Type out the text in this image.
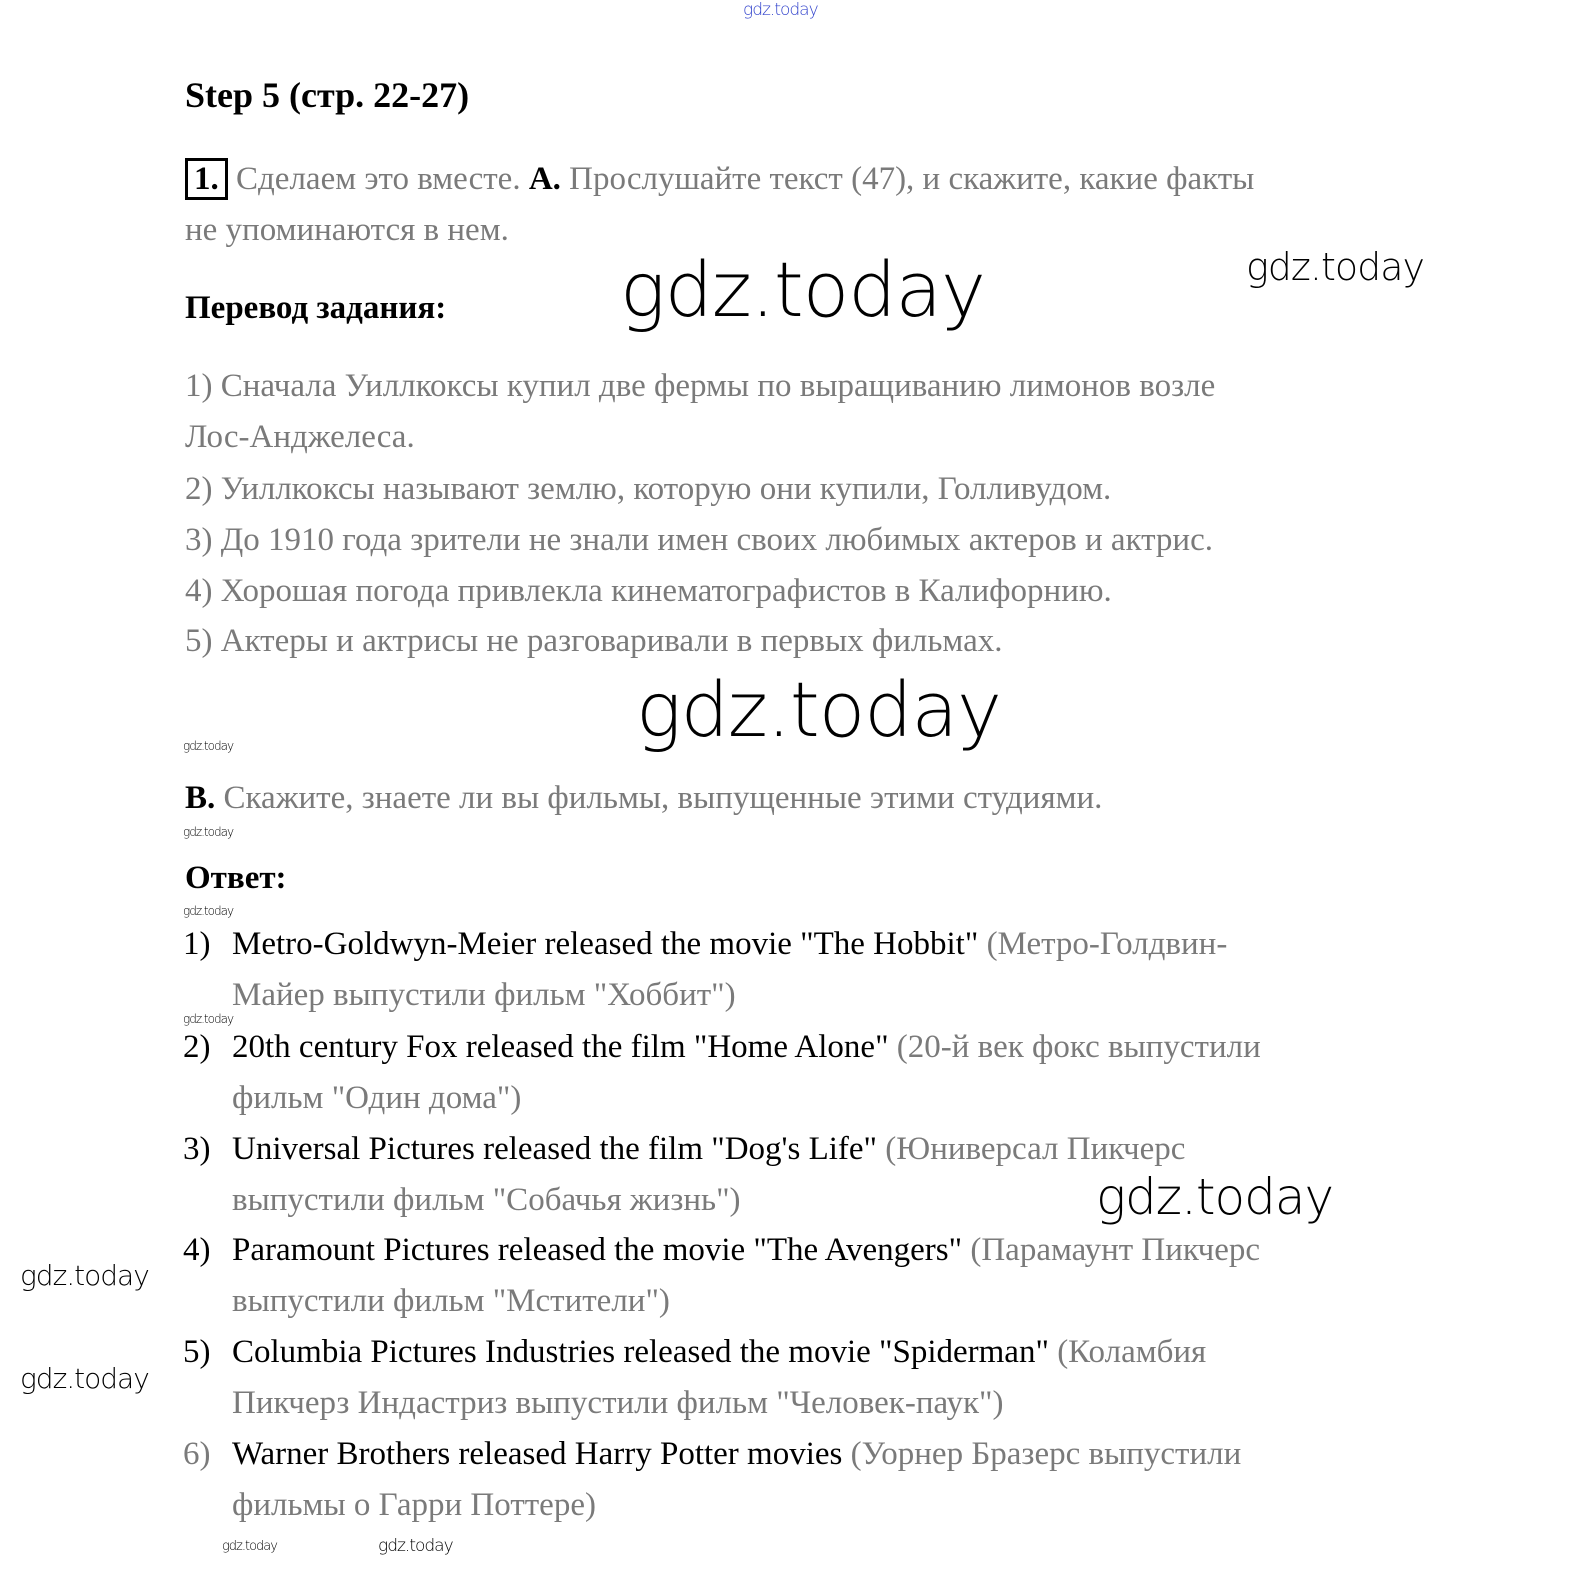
gdz.today
Step 5 (стр. 22-27)
1. Сделаем это вместе. A. Прослушайте текст (47), и скажите, какие факты
не упоминаются в нем.
Перевод задания: gdz.today	gdz.today
1) Сначала Уиллкоксы купил две фермы по выращиванию лимонов возле
Лос-Анджелеса.
2) Уиллкоксы называют землю, которую они купили, Голливудом.
3) До 1910 года зрители не знали имен своих любимых актеров и актрис.
4) Хорошая погода привлекла кинематографистов в Калифорнию.
5) Актеры и актрисы не разговаривали в первых фильмах.
gdz.today	gdz.today
B. Скажите, знаете ли вы фильмы, выпущенные этими студиями.
gdz.today
Ответ:
gdz.today
1) Metro-Goldwyn-Meier released the movie "The Hobbit" (Метро-Голдвин-
Майер выпустили фильм "Хоббит")
2) 20th century Fox released the film "Home Alone" (20-й век фокс выпустили
фильм "Один дома")
3) Universal Pictures released the film "Dog's Life" (Юниверсал Пикчерс
выпустили фильм "Собачья жизнь")
4) Paramount Pictures released the movie "The Avengers" (Парамаунт Пикчерс
выпустили фильм "Мстители")
5) Columbia Pictures Industries released the movie "Spiderman" (Коламбия
Пикчерз Индастриз выпустили фильм "Человек-паук")
6) Warner Brothers released Harry Potter movies (Уорнер Бразерс выпустили
фильмы о Гарри Поттере)
gdz.today
gdz.today
gdz.today
gdz.today
gdz.today	gdz.today
